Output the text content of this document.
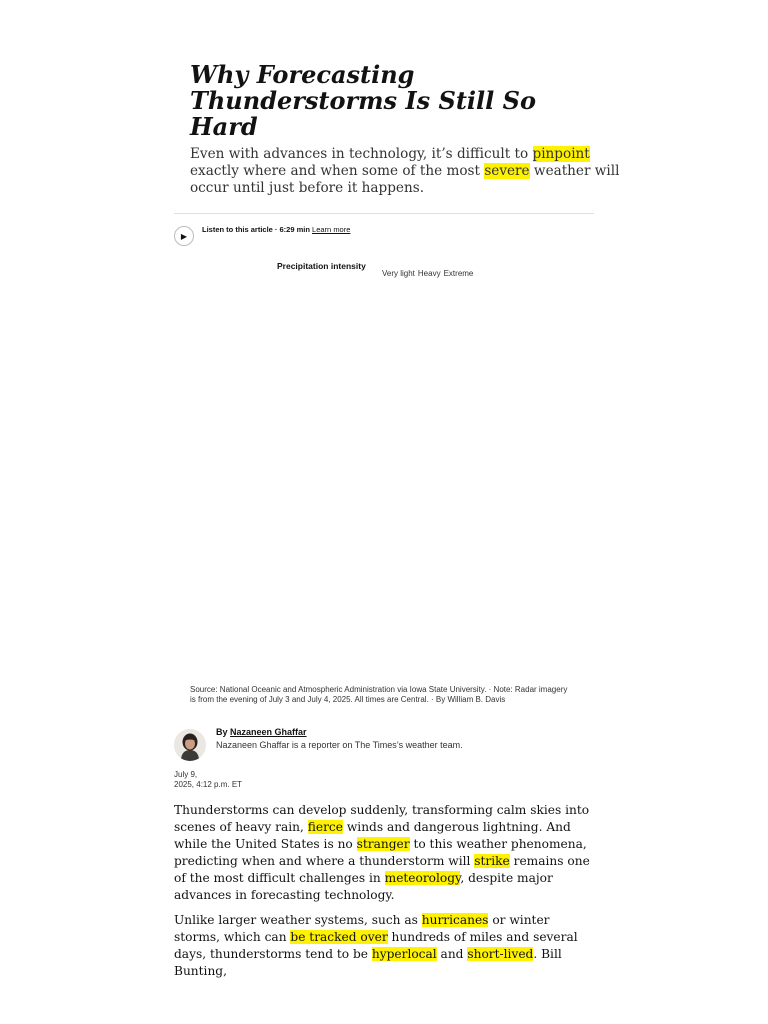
Why Forecasting
Thunderstorms Is Still So
Hard

Even with advances in technology, it’s difficult to pinpoint exactly where and when some of the most severe weather will occur until just before it happens.

▶
Listen to this article · 6:29 min Learn more
Precipitation intensity
Very light Heavy Extreme
Source: National Oceanic and Atmospheric Administration via Iowa State University. · Note: Radar imagery is from the evening of July 3 and July 4, 2025. All times are Central. · By William B. Davis
By Nazaneen Ghaffar
Nazaneen Ghaffar is a reporter on The Times’s weather team.
July 9,
2025, 4:12 p.m. ET

Thunderstorms can develop suddenly, transforming calm skies into scenes of heavy rain, fierce winds and dangerous lightning. And while the United States is no stranger to this weather phenomena, predicting when and where a thunderstorm will strike remains one of the most difficult challenges in meteorology, despite major advances in forecasting technology.

Unlike larger weather systems, such as hurricanes or winter storms, which can be tracked over hundreds of miles and several days, thunderstorms tend to be hyperlocal and short-lived. Bill Bunting,
